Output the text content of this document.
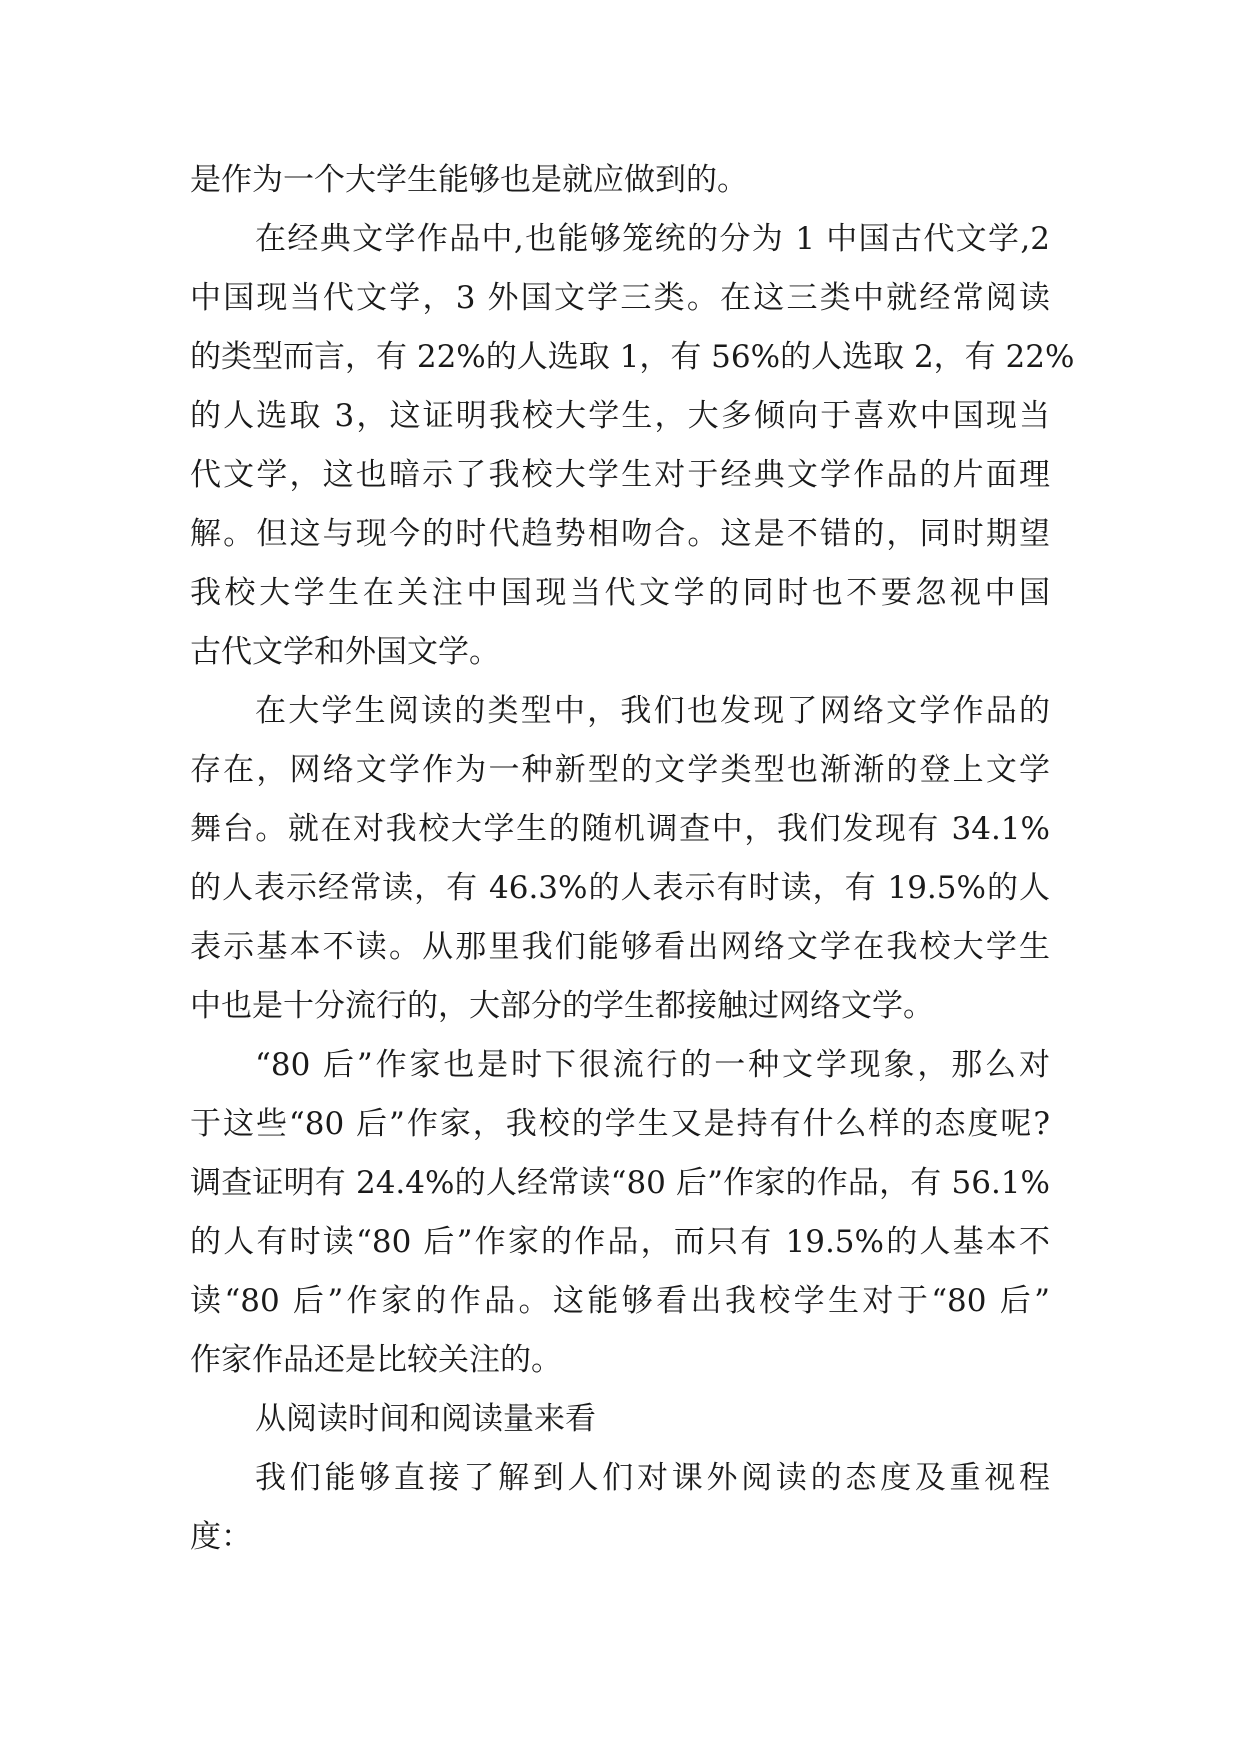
是作为一个大学生能够也是就应做到的。
在经典文学作品中,也能够笼统的分为 1 中国古代文学,2
中国现当代文学，3 外国文学三类。在这三类中就经常阅读
的类型而言，有 22%的人选取 1，有 56%的人选取 2，有 22%
的人选取 3，这证明我校大学生，大多倾向于喜欢中国现当
代文学，这也暗示了我校大学生对于经典文学作品的片面理
解。但这与现今的时代趋势相吻合。这是不错的，同时期望
我校大学生在关注中国现当代文学的同时也不要忽视中国
古代文学和外国文学。
在大学生阅读的类型中，我们也发现了网络文学作品的
存在，网络文学作为一种新型的文学类型也渐渐的登上文学
舞台。就在对我校大学生的随机调查中，我们发现有 34.1%
的人表示经常读，有 46.3%的人表示有时读，有 19.5%的人
表示基本不读。从那里我们能够看出网络文学在我校大学生
中也是十分流行的，大部分的学生都接触过网络文学。
“80 后”作家也是时下很流行的一种文学现象，那么对
于这些“80 后”作家，我校的学生又是持有什么样的态度呢?
调查证明有 24.4%的人经常读“80 后”作家的作品，有 56.1%
的人有时读“80 后”作家的作品，而只有 19.5%的人基本不
读“80 后”作家的作品。这能够看出我校学生对于“80 后”
作家作品还是比较关注的。
从阅读时间和阅读量来看
我们能够直接了解到人们对课外阅读的态度及重视程
度：
